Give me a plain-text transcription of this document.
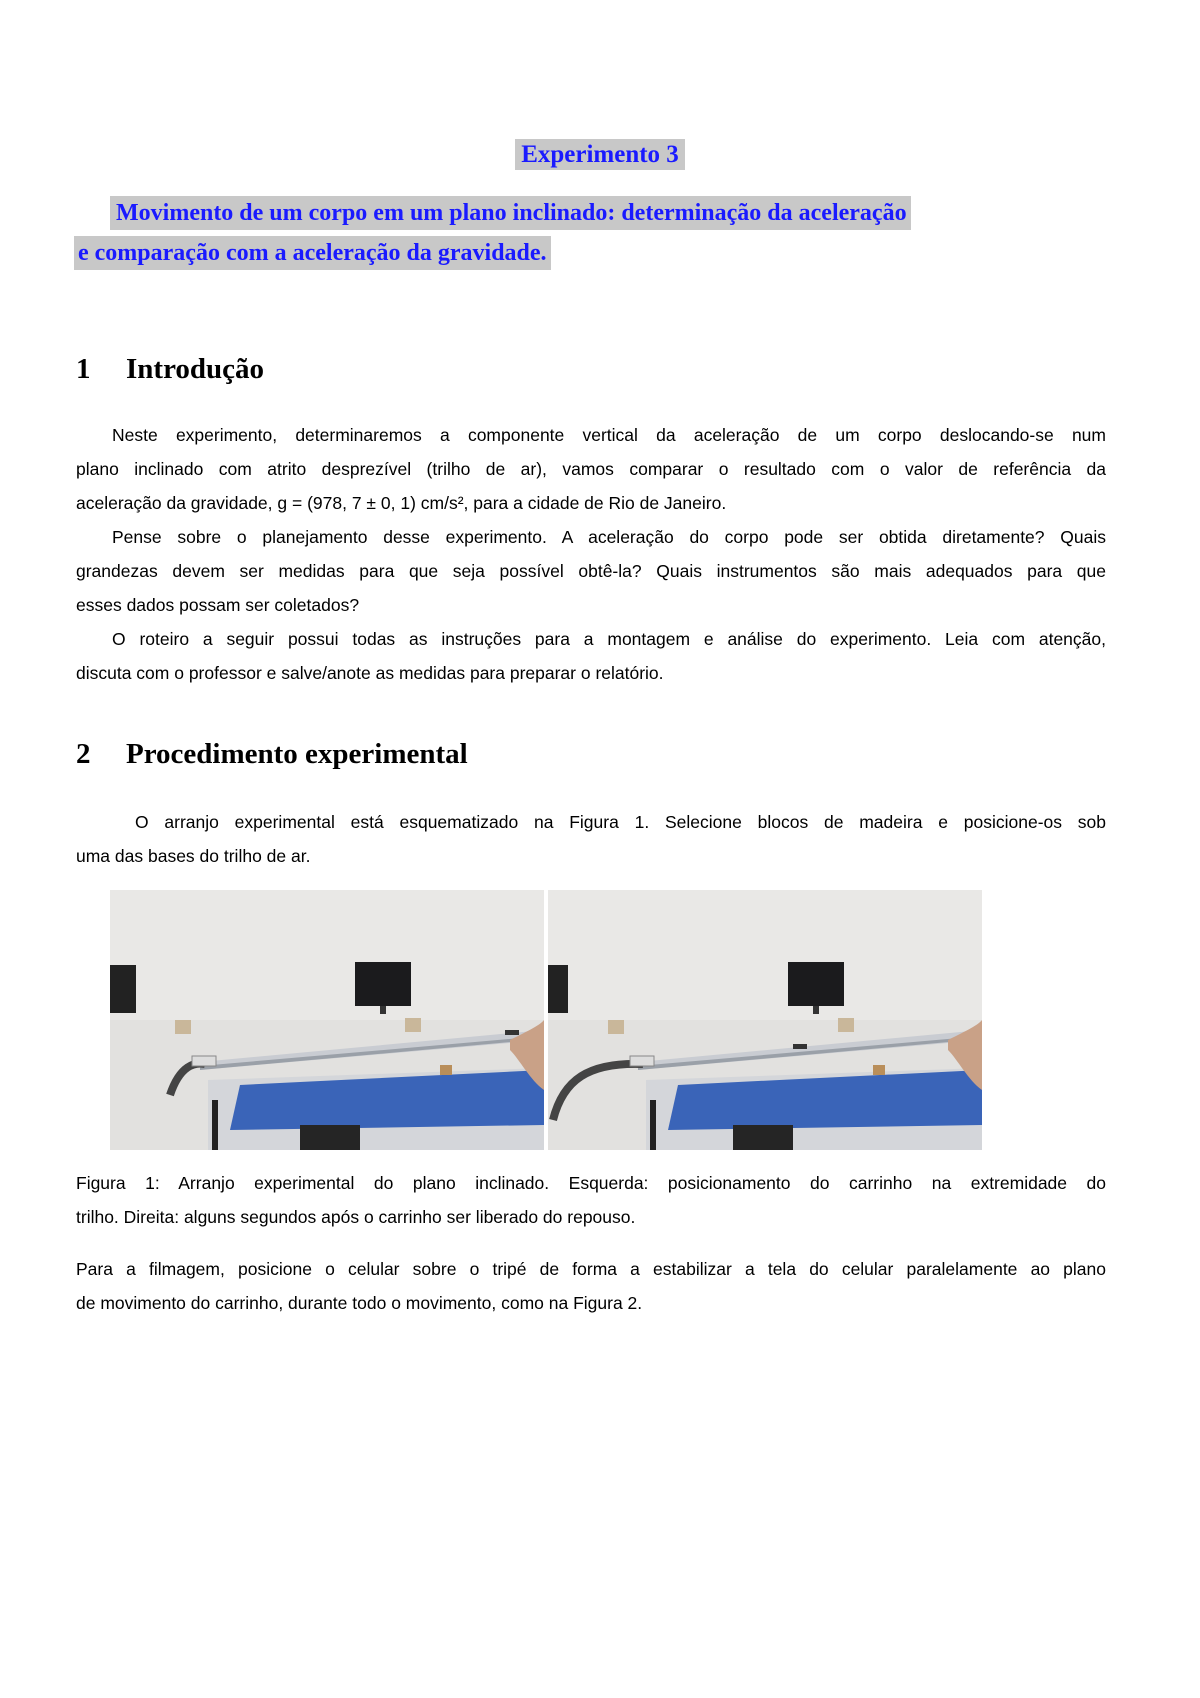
Experimento 3
Movimento de um corpo em um plano inclinado: determinação da aceleração
e comparação com a aceleração da gravidade.
1 Introdução
Neste experimento, determinaremos a componente vertical da aceleração de um corpo deslocando-se num
plano inclinado com atrito desprezível (trilho de ar), vamos comparar o resultado com o valor de referência da
aceleração da gravidade, g = (978, 7 ± 0, 1) cm/s², para a cidade de Rio de Janeiro.
Pense sobre o planejamento desse experimento. A aceleração do corpo pode ser obtida diretamente? Quais
grandezas devem ser medidas para que seja possível obtê-la? Quais instrumentos são mais adequados para que
esses dados possam ser coletados?
O roteiro a seguir possui todas as instruções para a montagem e análise do experimento. Leia com atenção,
discuta com o professor e salve/anote as medidas para preparar o relatório.
2 Procedimento experimental
O arranjo experimental está esquematizado na Figura 1. Selecione blocos de madeira e posicione-os sob
uma das bases do trilho de ar.
Figura 1: Arranjo experimental do plano inclinado. Esquerda: posicionamento do carrinho na extremidade do
trilho. Direita: alguns segundos após o carrinho ser liberado do repouso.
Para a filmagem, posicione o celular sobre o tripé de forma a estabilizar a tela do celular paralelamente ao plano
de movimento do carrinho, durante todo o movimento, como na Figura 2.
